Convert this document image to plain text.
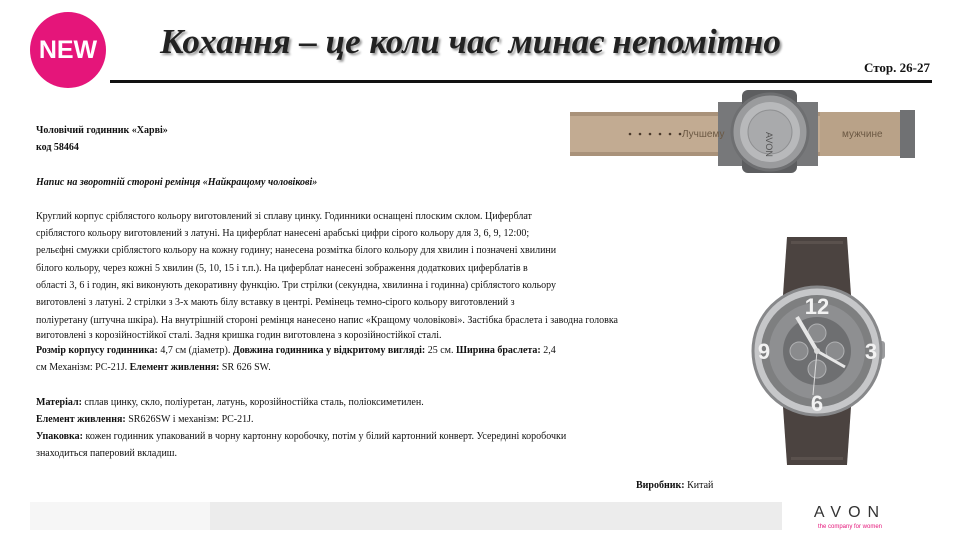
NEW Кохання – це коли час минає непомітно
Стор. 26-27
AVON
Лучшему	мужчине
12
3
6
9

Чоловічий годинник «Харві»

код 58464

Напис на зворотній стороні ремінця «Найкращому чоловікові»

Круглий корпус сріблястого кольору виготовлений зі сплаву цинку. Годинники оснащені плоским склом. Циферблат

сріблястого кольору виготовлений з латуні. На циферблат нанесені арабські цифри сірого кольору для 3, 6, 9, 12:00;

рельєфні смужки сріблястого кольору на кожну годину; нанесена розмітка білого кольору для хвилин і позначені хвилини

білого кольору, через кожні 5 хвилин (5, 10, 15 і т.п.). На циферблат нанесені зображення додаткових циферблатів в

області 3, 6 і годин, які виконують декоративну функцію. Три стрілки (секундна, хвилинна і годинна) сріблястого кольору

виготовлені з латуні. 2 стрілки з 3-х мають білу вставку в центрі. Ремінець темно-сірого кольору виготовлений з

поліуретану (штучна шкіра). На внутрішній стороні ремінця нанесено напис «Кращому чоловікові». Застібка браслета і заводна головка

виготовлені з корозійностійкої сталі. Задня кришка годин виготовлена з корозійностійкої сталі.

Розмір корпусу годинника: 4,7 см (діаметр). Довжина годинника у відкритому вигляді: 25 см. Ширина браслета: 2,4

см Механізм: PC-21J. Елемент живлення: SR 626 SW.

Матеріал: сплав цинку, скло, поліуретан, латунь, корозійностійка сталь, поліоксиметилен.

Елемент живлення: SR626SW і механізм: PC-21J.

Упаковка: кожен годинник упакований в чорну картонну коробочку, потім у білий картонний конверт. Усередині коробочки

знаходиться паперовий вкладиш.

Виробник: Китай
AVON
the company for women
